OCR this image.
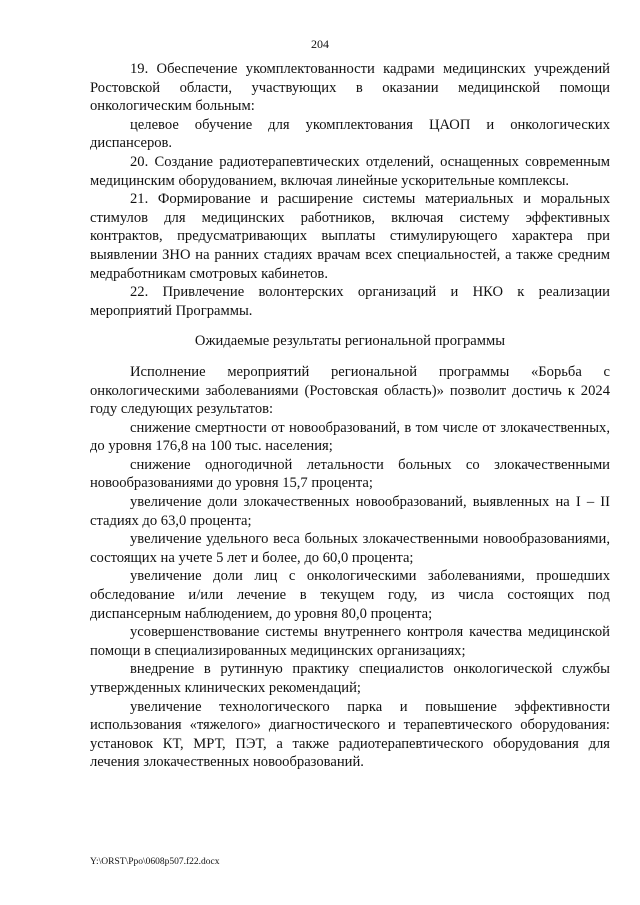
204

19. Обеспечение укомплектованности кадрами медицинских учреждений Ростовской области, участвующих в оказании медицинской помощи онкологическим больным:

целевое обучение для укомплектования ЦАОП и онкологических диспансеров.

20. Создание радиотерапевтических отделений, оснащенных современным медицинским оборудованием, включая линейные ускорительные комплексы.

21. Формирование и расширение системы материальных и моральных стимулов для медицинских работников, включая систему эффективных контрактов, предусматривающих выплаты стимулирующего характера при выявлении ЗНО на ранних стадиях врачам всех специальностей, а также средним медработникам смотровых кабинетов.

22. Привлечение волонтерских организаций и НКО к реализации мероприятий Программы.

Ожидаемые результаты региональной программы

Исполнение мероприятий региональной программы «Борьба с онкологическими заболеваниями (Ростовская область)» позволит достичь к 2024 году следующих результатов:

снижение смертности от новообразований, в том числе от злокачественных, до уровня 176,8 на 100 тыс. населения;

снижение одногодичной летальности больных со злокачественными новообразованиями до уровня 15,7 процента;

увеличение доли злокачественных новообразований, выявленных на I – II стадиях до 63,0 процента;

увеличение удельного веса больных злокачественными новообразованиями, состоящих на учете 5 лет и более, до 60,0 процента;

увеличение доли лиц с онкологическими заболеваниями, прошедших обследование и/или лечение в текущем году, из числа состоящих под диспансерным наблюдением, до уровня 80,0 процента;

усовершенствование системы внутреннего контроля качества медицинской помощи в специализированных медицинских организациях;

внедрение в рутинную практику специалистов онкологической службы утвержденных клинических рекомендаций;

увеличение технологического парка и повышение эффективности использования «тяжелого» диагностического и терапевтического оборудования: установок КТ, МРТ, ПЭТ, а также радиотерапевтического оборудования для лечения злокачественных новообразований.

Y:\ORST\Ppo\0608p507.f22.docx
